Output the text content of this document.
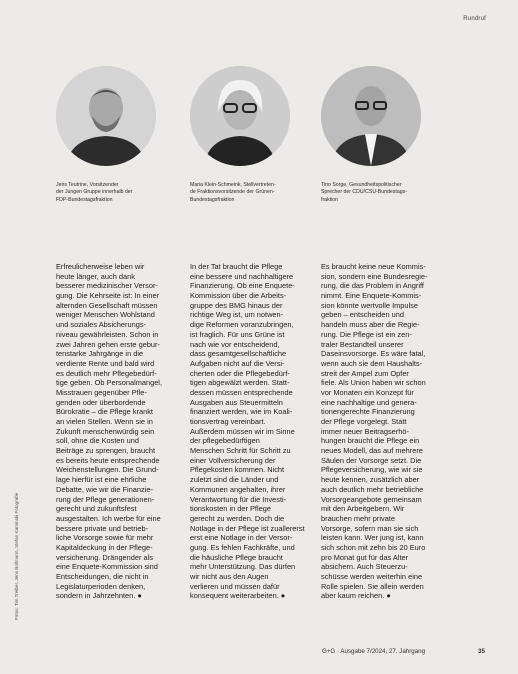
Rundruf
Jens Teutrine, Vorsitzender
der Jungen Gruppe innerhalb der
FDP-Bundestagsfraktion
Maria Klein-Schmeink, Stellvertreten-
de Fraktionsvorsitzende der Grünen-
Bundestagsfraktion
Tino Sorge, Gesundheitspolitischer
Sprecher der CDU/CSU-Bundestags-
fraktion
Erfreulicherweise leben wir
heute länger, auch dank
besserer medizinischer Versor-
gung. Die Kehrseite ist: In einer
alternden Gesellschaft müssen
weniger Menschen Wohlstand
und soziales Absicherungs-
niveau gewährleisten. Schon in
zwei Jahren gehen erste gebur-
tenstarke Jahrgänge in die
verdiente Rente und bald wird
es deutlich mehr Pflegebedürf-
tige geben. Ob Personalmangel,
Misstrauen gegenüber Pfle-
genden oder überbordende
Bürokratie – die Pflege krankt
an vielen Stellen. Wenn sie in
Zukunft menschenwürdig sein
soll, ohne die Kosten und
Beiträge zu sprengen, braucht
es bereits heute entsprechende
Weichenstellungen. Die Grund-
lage hierfür ist eine ehrliche
Debatte, wie wir die Finanzie-
rung der Pflege generationen-
gerecht und zukunftsfest
ausgestalten. Ich werbe für eine
bessere private und betrieb-
liche Vorsorge sowie für mehr
Kapitaldeckung in der Pflege-
versicherung. Drängender als
eine Enquete-Kommission sind
Entscheidungen, die nicht in
Legislaturperioden denken,
sondern in Jahrzehnten. ●
In der Tat braucht die Pflege
eine bessere und nachhaltigere
Finanzierung. Ob eine Enquete-
Kommission über die Arbeits-
gruppe des BMG hinaus der
richtige Weg ist, um notwen-
dige Reformen voranzubringen,
ist fraglich. Für uns Grüne ist
nach wie vor entscheidend,
dass gesamtgesellschaftliche
Aufgaben nicht auf die Versi-
cherten oder die Pflegebedürf-
tigen abgewälzt werden. Statt-
dessen müssen entsprechende
Ausgaben aus Steuermitteln
finanziert werden, wie im Koali-
tionsvertrag vereinbart.
Außerdem müssen wir im Sinne
der pflegebedürftigen
Menschen Schritt für Schritt zu
einer Vollversicherung der
Pflegekosten kommen. Nicht
zuletzt sind die Länder und
Kommunen angehalten, ihrer
Verantwortung für die Investi-
tionskosten in der Pflege
gerecht zu werden. Doch die
Notlage in der Pflege ist zuallererst
erst eine Notlage in der Versor-
gung. Es fehlen Fachkräfte, und
die häusliche Pflege braucht
mehr Unterstützung. Das dürfen
wir nicht aus den Augen
verlieren und müssen dafür
konsequent weiterarbeiten. ●
Es braucht keine neue Kommis-
sion, sondern eine Bundesregie-
rung, die das Problem in Angriff
nimmt. Eine Enquete-Kommis-
sion könnte wertvolle Impulse
geben – entscheiden und
handeln muss aber die Regie-
rung. Die Pflege ist ein zen-
traler Bestandteil unserer
Daseinsvorsorge. Es wäre fatal,
wenn auch sie dem Haushalts-
streit der Ampel zum Opfer
fiele. Als Union haben wir schon
vor Monaten ein Konzept für
eine nachhaltige und genera-
tionengerechte Finanzierung
der Pflege vorgelegt. Statt
immer neuer Beitragserhö-
hungen braucht die Pflege ein
neues Modell, das auf mehrere
Säulen der Vorsorge setzt. Die
Pflegeversicherung, wie wir sie
heute kennen, zusätzlich aber
auch deutlich mehr betriebliche
Vorsorgeangebote gemeinsam
mit den Arbeitgebern. Wir
brauchen mehr private
Vorsorge, sofern man sie sich
leisten kann. Wer jung ist, kann
sich schon mit zehn bis 20 Euro
pro Monat gut für das Alter
absichern. Auch Steuerzu-
schüsse werden weiterhin eine
Rolle spielen. Sie allein werden
aber kaum reichen. ●
Fotos: Tim Treiber, Jens Bollmann, Stefan Kaminski Fotografie
G+G · Ausgabe 7/2024, 27. Jahrgang	35
